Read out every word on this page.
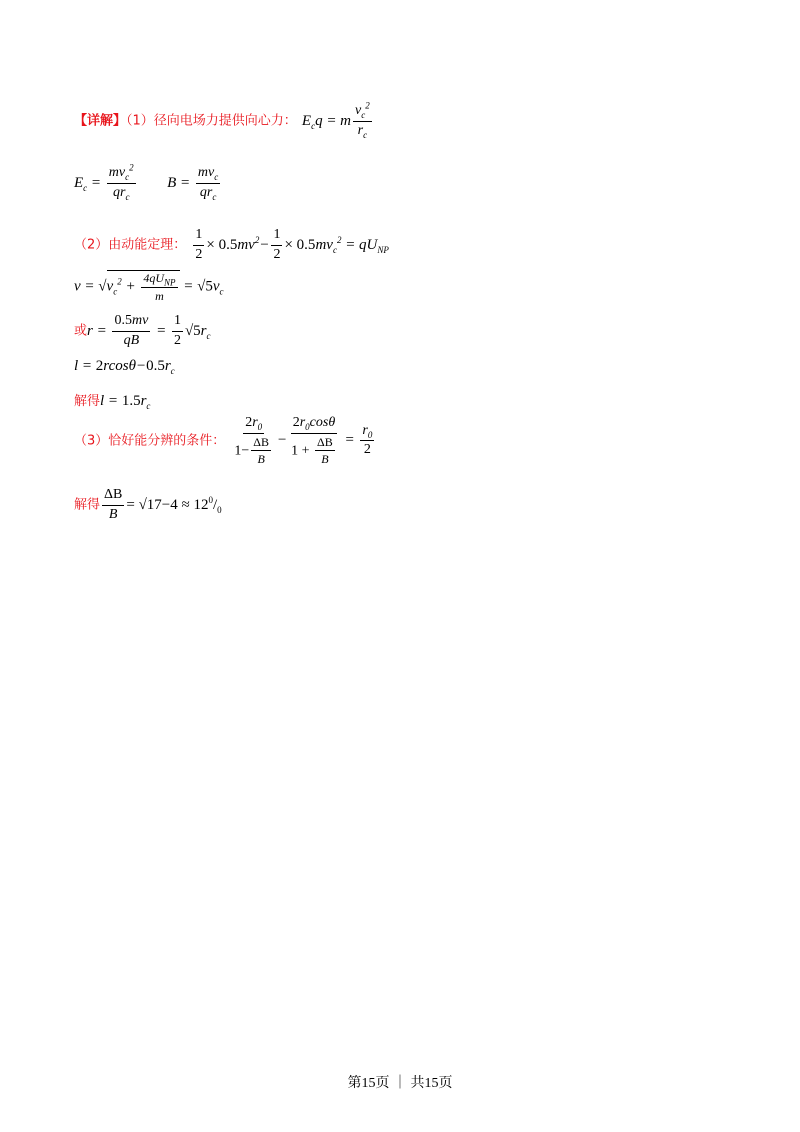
【详解】（1）径向电场力提供向心力： $E_cq = m \frac{v_c^2}{r_c}$
$E_c = \frac{mv_c^2}{qr_c}$ $B = \frac{mv_c}{qr_c}$
（2）由动能定理： $\frac{1}{2} \times 0.5mv^2- \frac{1}{2} \times 0.5mv_c^2 = qU_{NP}$
$v = √v_c^2 + \frac{4qU_{NP}}{m} = √5v_c$
或$r = \frac{0.5mv}{qB} = \frac{1}{2} √5r_c$
$l = 2rcos\theta-0.5r_c$
解得$l = 1.5r_c$
（3）恰好能分辨的条件： $\frac{2r_0}{1- \frac{\Delta B}{B}} - \frac{2r_0\cos\theta}{1 + \frac{\Delta B}{B}} = \frac{r_0}{2}$
解得 $\frac{\Delta B}{B} = √17-4 \approx 12^0/_0$
第15页 ｜ 共15页
